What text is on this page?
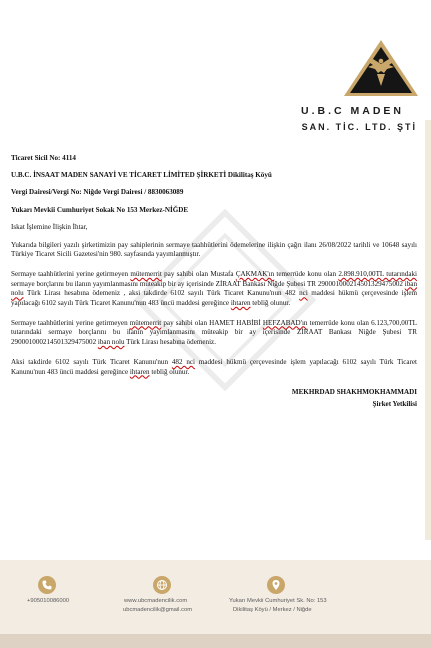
U.B.C MADEN
SAN. TİC. LTD. ŞTİ
Ticaret Sicil No: 4114
U.B.C. İNSAAT MADEN SANAYİ VE TİCARET LİMİTED ŞİRKETİ Dikilitaş Köyü
Vergi Dairesi/Vergi No: Niğde Vergi Dairesi / 8830063089
Yukarı Mevkii Cumhuriyet Sokak No 153 Merkez-NİĞDE
Iskat İşlemine İlişkin İhtar,

Yukarıda bilgileri yazılı şirketimizin pay sahiplerinin sermaye taahhütlerini ödemelerine ilişkin çağrı ilanı 26/08/2022 tarihli ve 10648 sayılı Türkiye Ticaret Sicili Gazetesi'nin 980. sayfasında yayımlanmıştır.

Sermaye taahhütlerini yerine getirmeyen mütemerrit pay sahibi olan Mustafa ÇAKMAK'ın temerrüde konu olan 2.898.910,00TL tutarındaki sermaye borçlarını bu ilanın yayımlanmasını müteakip bir ay içerisinde ZİRAAT Bankası Niğde Şubesi TR 290001000214501329475002 iban nolu Türk Lirası hesabına ödemeniz , aksi takdirde 6102 sayılı Türk Ticaret Kanunu'nun 482 nci maddesi hükmü çerçevesinde işlem yapılacağı 6102 sayılı Türk Ticaret Kanunu'nun 483 üncü maddesi gereğince ihtaren tebliğ olunur.

Sermaye taahhütlerini yerine getirmeyen mütemerrit pay sahibi olan HAMET HABİBİ HEFZABAD'ın temerrüde konu olan 6.123,700,00TL tutarındaki sermaye borçlarını bu ilanın yayımlanmasını müteakip bir ay içerisinde ZİRAAT Bankası Niğde Şubesi TR 290001000214501329475002 iban nolu Türk Lirası hesabına ödemeniz.

Aksi takdirde 6102 sayılı Türk Ticaret Kanunu'nun 482 nci maddesi hükmü çerçevesinde işlem yapılacağı 6102 sayılı Türk Ticaret Kanunu'nun 483 üncü maddesi gereğince ihtaren tebliğ olunur.

MEKHRDAD SHAKHMOKHAMMADI
Şirket Yetkilisi
+905010086000	www.ubcmadencilik.com
ubcmadencilik@gmail.com
Yukarı Mevkii Cumhuriyet Sk. No: 153
Dikilitaş Köyü / Merkez / Niğde
